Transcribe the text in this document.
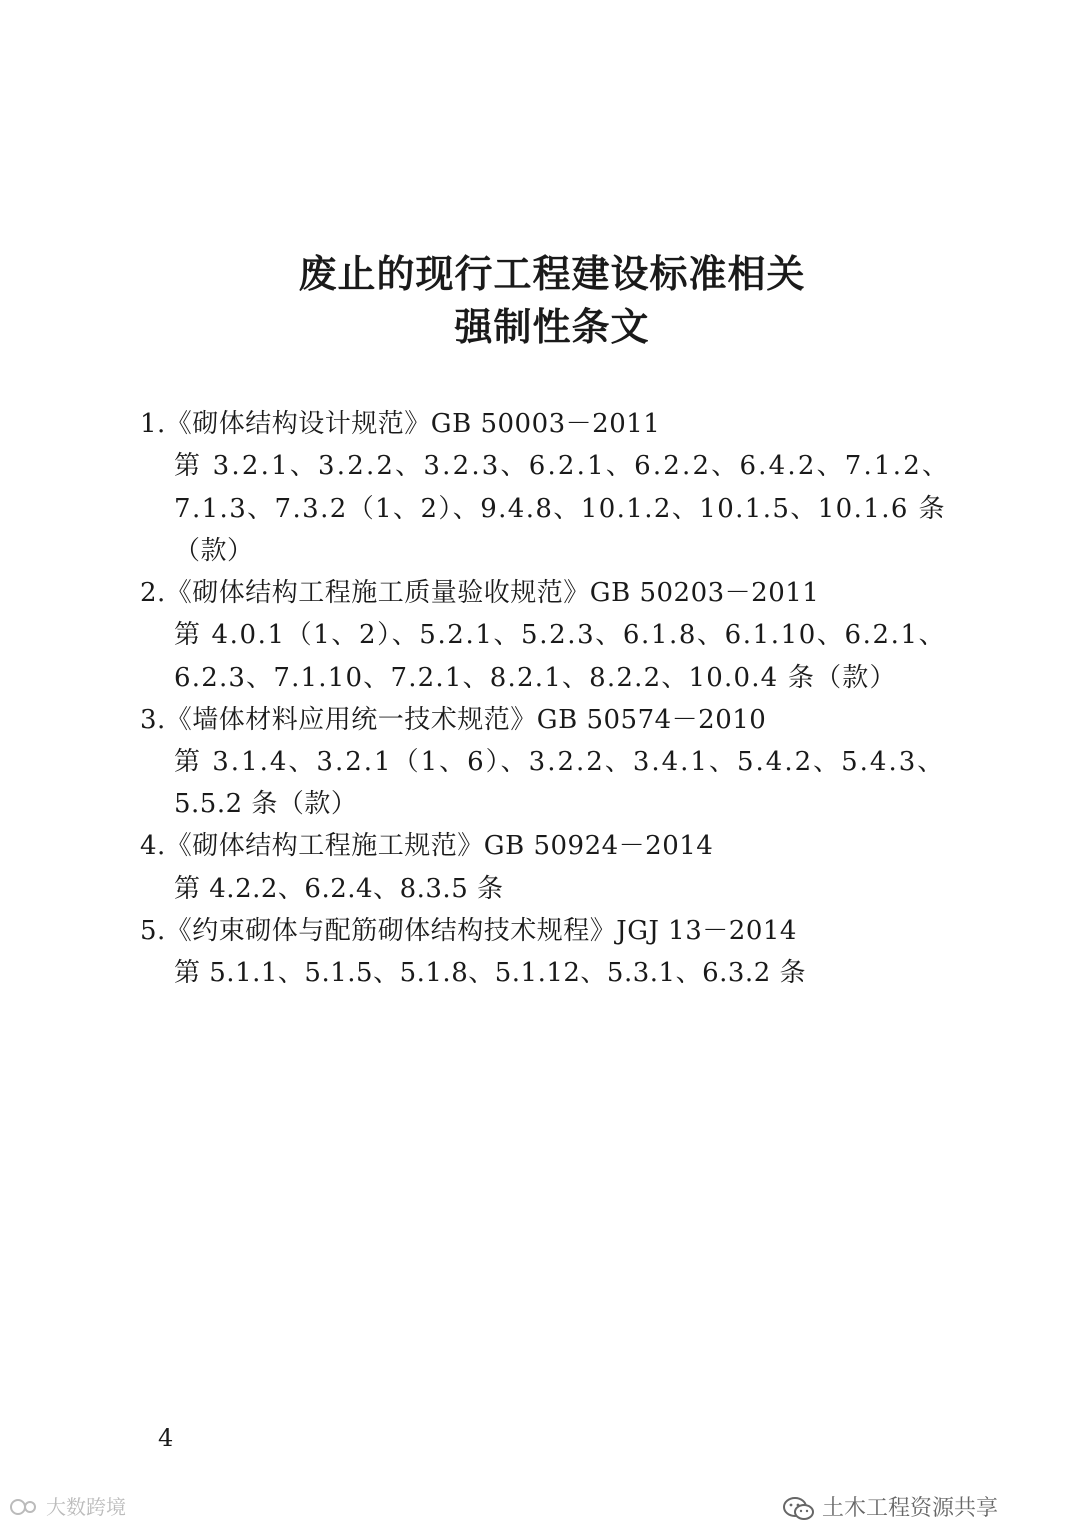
废止的现行工程建设标准相关
强制性条文
1.《砌体结构设计规范》GB 50003－2011
第 3.2.1、3.2.2、3.2.3、6.2.1、6.2.2、6.4.2、7.1.2、
7.1.3、7.3.2（1、2）、9.4.8、10.1.2、10.1.5、10.1.6 条
（款）
2.《砌体结构工程施工质量验收规范》GB 50203－2011
第 4.0.1（1、2）、5.2.1、5.2.3、6.1.8、6.1.10、6.2.1、
6.2.3、7.1.10、7.2.1、8.2.1、8.2.2、10.0.4 条（款）
3.《墙体材料应用统一技术规范》GB 50574－2010
第 3.1.4、3.2.1（1、6）、3.2.2、3.4.1、5.4.2、5.4.3、
5.5.2 条（款）
4.《砌体结构工程施工规范》GB 50924－2014
第 4.2.2、6.2.4、8.3.5 条
5.《约束砌体与配筋砌体结构技术规程》JGJ 13－2014
第 5.1.1、5.1.5、5.1.8、5.1.12、5.3.1、6.3.2 条
4
大数跨境	土木工程资源共享
